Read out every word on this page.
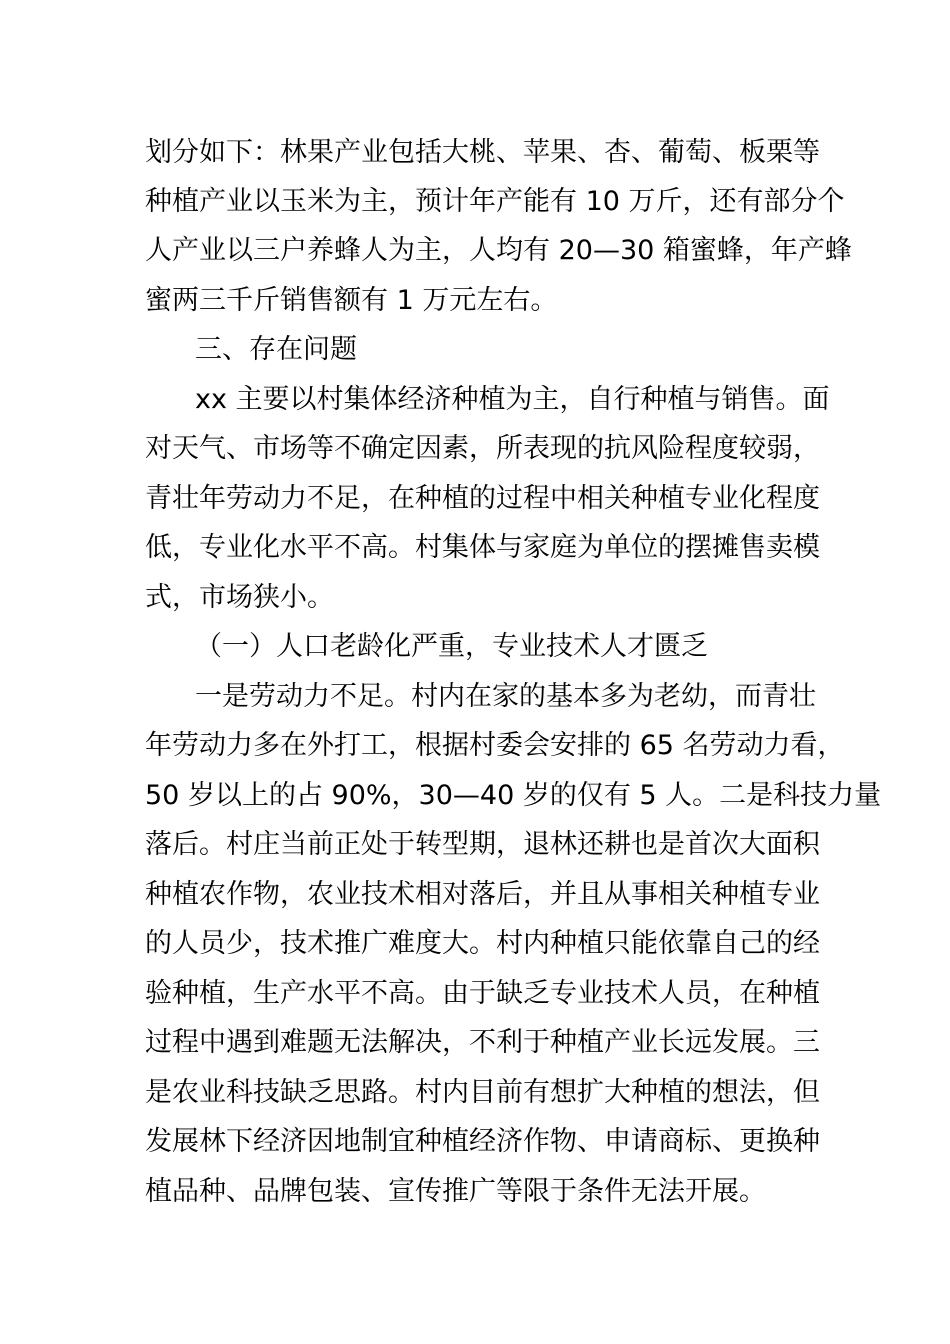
划分如下：林果产业包括大桃、苹果、杏、葡萄、板栗等
种植产业以玉米为主，预计年产能有 10 万斤，还有部分个
人产业以三户养蜂人为主，人均有 20—30 箱蜜蜂，年产蜂
蜜两三千斤销售额有 1 万元左右。
三、存在问题
xx 主要以村集体经济种植为主，自行种植与销售。面
对天气、市场等不确定因素，所表现的抗风险程度较弱，
青壮年劳动力不足，在种植的过程中相关种植专业化程度
低，专业化水平不高。村集体与家庭为单位的摆摊售卖模
式，市场狭小。
（一）人口老龄化严重，专业技术人才匮乏
一是劳动力不足。村内在家的基本多为老幼，而青壮
年劳动力多在外打工，根据村委会安排的 65 名劳动力看，
50 岁以上的占 90%，30—40 岁的仅有 5 人。二是科技力量
落后。村庄当前正处于转型期，退林还耕也是首次大面积
种植农作物，农业技术相对落后，并且从事相关种植专业
的人员少，技术推广难度大。村内种植只能依靠自己的经
验种植，生产水平不高。由于缺乏专业技术人员，在种植
过程中遇到难题无法解决，不利于种植产业长远发展。三
是农业科技缺乏思路。村内目前有想扩大种植的想法，但
发展林下经济因地制宜种植经济作物、申请商标、更换种
植品种、品牌包装、宣传推广等限于条件无法开展。
